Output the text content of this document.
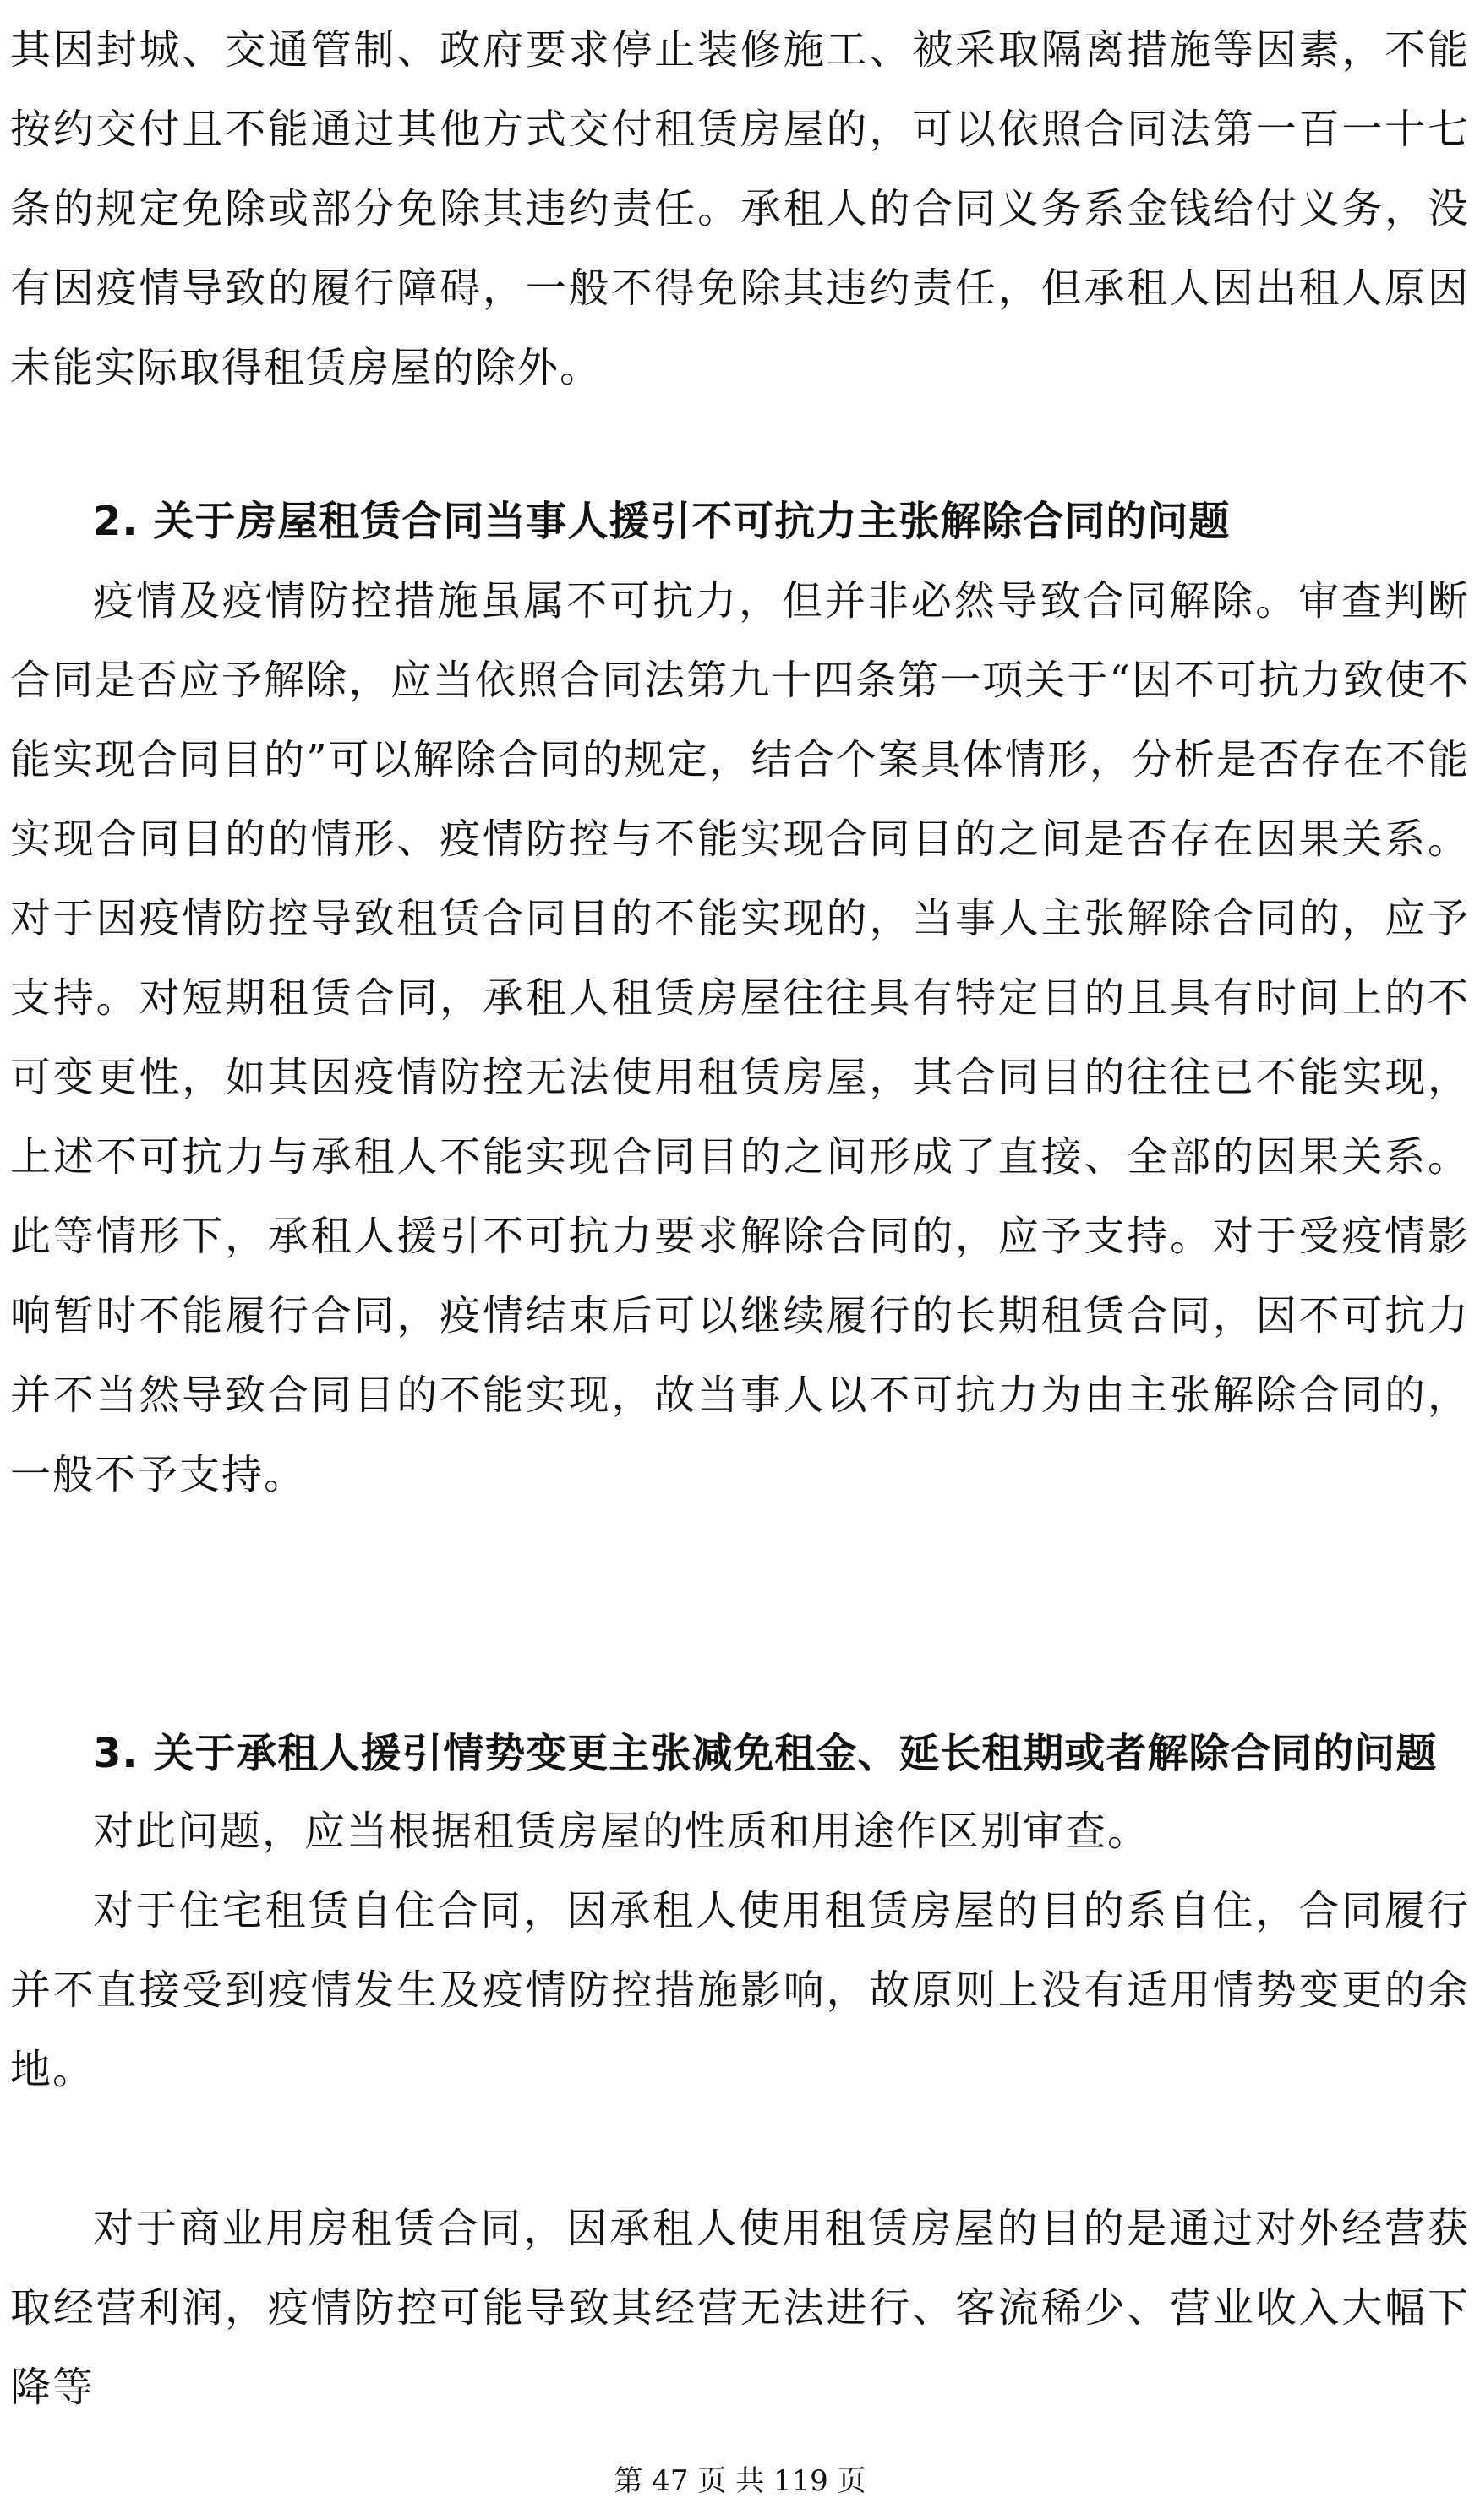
其因封城、交通管制、政府要求停止装修施工、被采取隔离措施等因素，不能按约交付且不能通过其他方式交付租赁房屋的，可以依照合同法第一百一十七条的规定免除或部分免除其违约责任。承租人的合同义务系金钱给付义务，没有因疫情导致的履行障碍，一般不得免除其违约责任，但承租人因出租人原因未能实际取得租赁房屋的除外。

2. 关于房屋租赁合同当事人援引不可抗力主张解除合同的问题

疫情及疫情防控措施虽属不可抗力，但并非必然导致合同解除。审查判断合同是否应予解除，应当依照合同法第九十四条第一项关于“因不可抗力致使不能实现合同目的”可以解除合同的规定，结合个案具体情形，分析是否存在不能实现合同目的的情形、疫情防控与不能实现合同目的之间是否存在因果关系。对于因疫情防控导致租赁合同目的不能实现的，当事人主张解除合同的，应予支持。对短期租赁合同，承租人租赁房屋往往具有特定目的且具有时间上的不可变更性，如其因疫情防控无法使用租赁房屋，其合同目的往往已不能实现，上述不可抗力与承租人不能实现合同目的之间形成了直接、全部的因果关系。此等情形下，承租人援引不可抗力要求解除合同的，应予支持。对于受疫情影响暂时不能履行合同，疫情结束后可以继续履行的长期租赁合同，因不可抗力并不当然导致合同目的不能实现，故当事人以不可抗力为由主张解除合同的，一般不予支持。

3. 关于承租人援引情势变更主张减免租金、延长租期或者解除合同的问题

对此问题，应当根据租赁房屋的性质和用途作区别审查。

对于住宅租赁自住合同，因承租人使用租赁房屋的目的系自住，合同履行并不直接受到疫情发生及疫情防控措施影响，故原则上没有适用情势变更的余地。

对于商业用房租赁合同，因承租人使用租赁房屋的目的是通过对外经营获取经营利润，疫情防控可能导致其经营无法进行、客流稀少、营业收入大幅下降等

第 47 页 共 119 页
